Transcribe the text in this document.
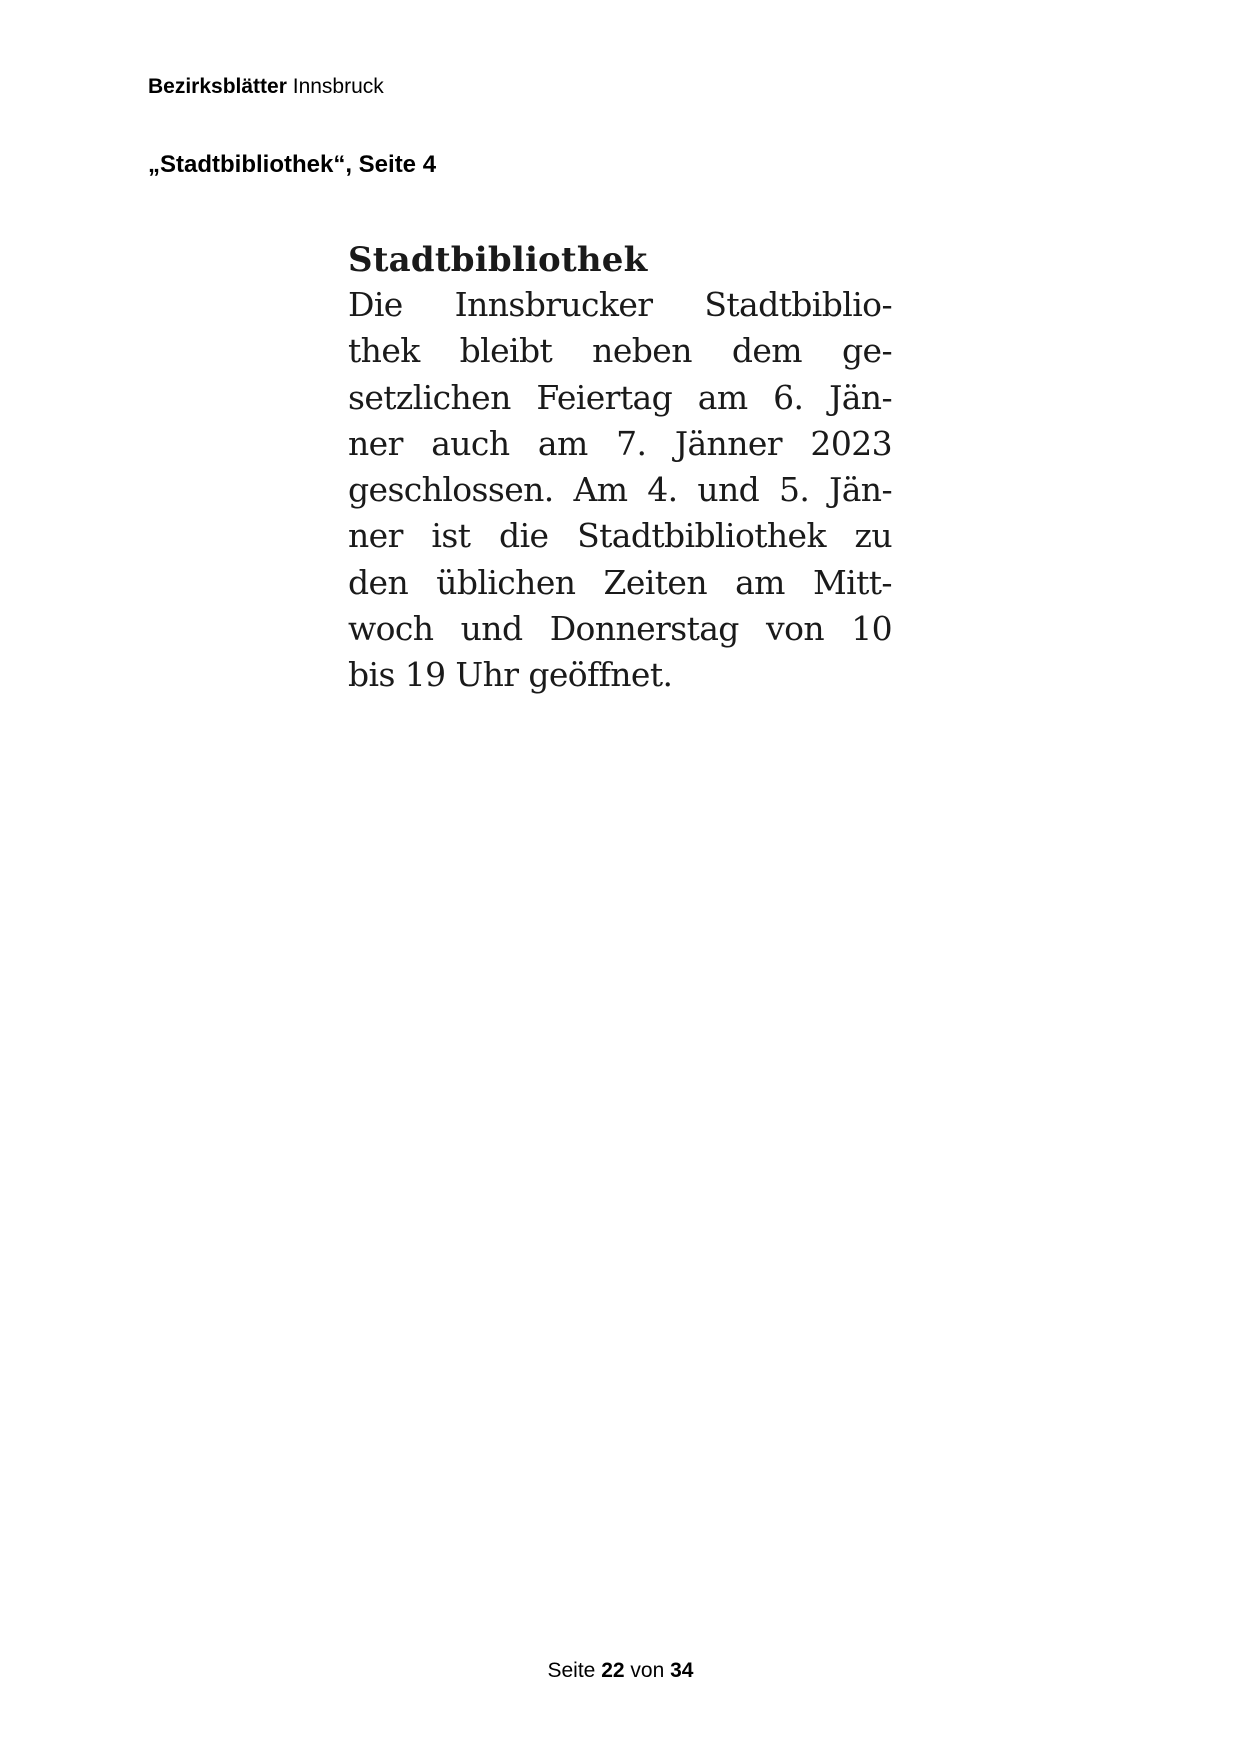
Bezirksblätter Innsbruck
„Stadtbibliothek“, Seite 4
Stadtbibliothek
Die Innsbrucker Stadtbiblio-
thek bleibt neben dem ge-
setzlichen Feiertag am 6. Jän-
ner auch am 7. Jänner 2023
geschlossen. Am 4. und 5. Jän-
ner ist die Stadtbibliothek zu
den üblichen Zeiten am Mitt-
woch und Donnerstag von 10
bis 19 Uhr geöffnet.
Seite 22 von 34
